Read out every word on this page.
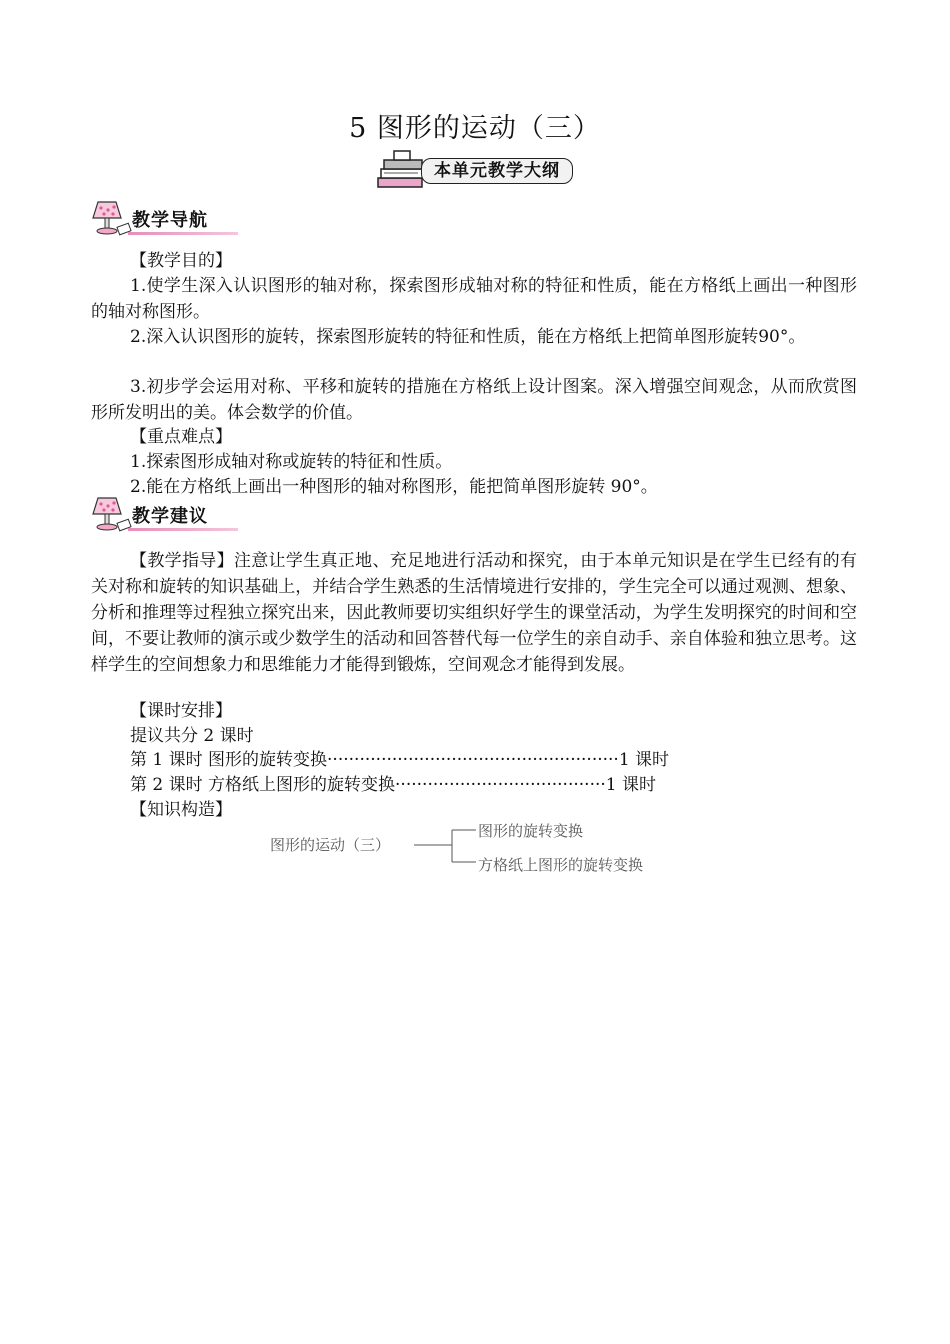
5 图形的运动（三）
本单元教学大纲
教学导航
【教学目的】
1.使学生深入认识图形的轴对称，探索图形成轴对称的特征和性质，能在方格纸上画出一种图形的轴对称图形。
2.深入认识图形的旋转，探索图形旋转的特征和性质，能在方格纸上把简单图形旋转90°。
3.初步学会运用对称、平移和旋转的措施在方格纸上设计图案。深入增强空间观念，从而欣赏图形所发明出的美。体会数学的价值。
【重点难点】
1.探索图形成轴对称或旋转的特征和性质。
2.能在方格纸上画出一种图形的轴对称图形，能把简单图形旋转 90°。
教学建议
【教学指导】注意让学生真正地、充足地进行活动和探究，由于本单元知识是在学生已经有的有关对称和旋转的知识基础上，并结合学生熟悉的生活情境进行安排的，学生完全可以通过观测、想象、分析和推理等过程独立探究出来，因此教师要切实组织好学生的课堂活动，为学生发明探究的时间和空间，不要让教师的演示或少数学生的活动和回答替代每一位学生的亲自动手、亲自体验和独立思考。这样学生的空间想象力和思维能力才能得到锻炼，空间观念才能得到发展。
【课时安排】
提议共分 2 课时
第 1 课时 图形的旋转变换······················································1 课时
第 2 课时 方格纸上图形的旋转变换·······································1 课时
【知识构造】
图形的运动（三）
图形的旋转变换
方格纸上图形的旋转变换
